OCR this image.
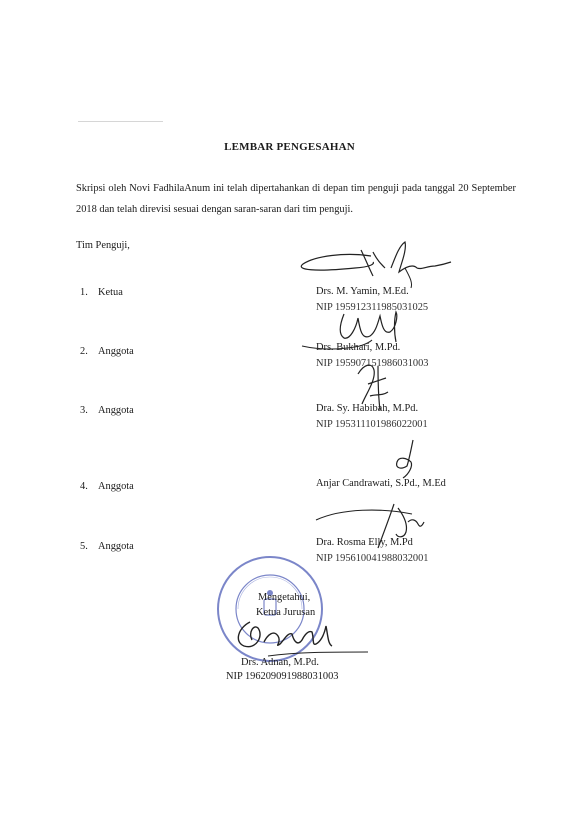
LEMBAR PENGESAHAN
Skripsi oleh Novi FadhilaAnum ini telah dipertahankan di depan tim penguji pada tanggal 20 September 2018 dan telah direvisi sesuai dengan saran-saran dari tim penguji.
Tim Penguji,
1. Ketua	Drs. M. Yamin, M.Ed.
NIP 195912311985031025
2. Anggota	Drs. Bukhari, M.Pd.
NIP 195907151986031003
3. Anggota	Dra. Sy. Habibah, M.Pd.
NIP 195311101986022001
4. Anggota	Anjar Candrawati, S.Pd., M.Ed
5. Anggota	Dra. Rosma Elly, M.Pd
NIP 195610041988032001
Mengetahui,
Ketua Jurusan
Drs. Adnan, M.Pd.
NIP 196209091988031003
